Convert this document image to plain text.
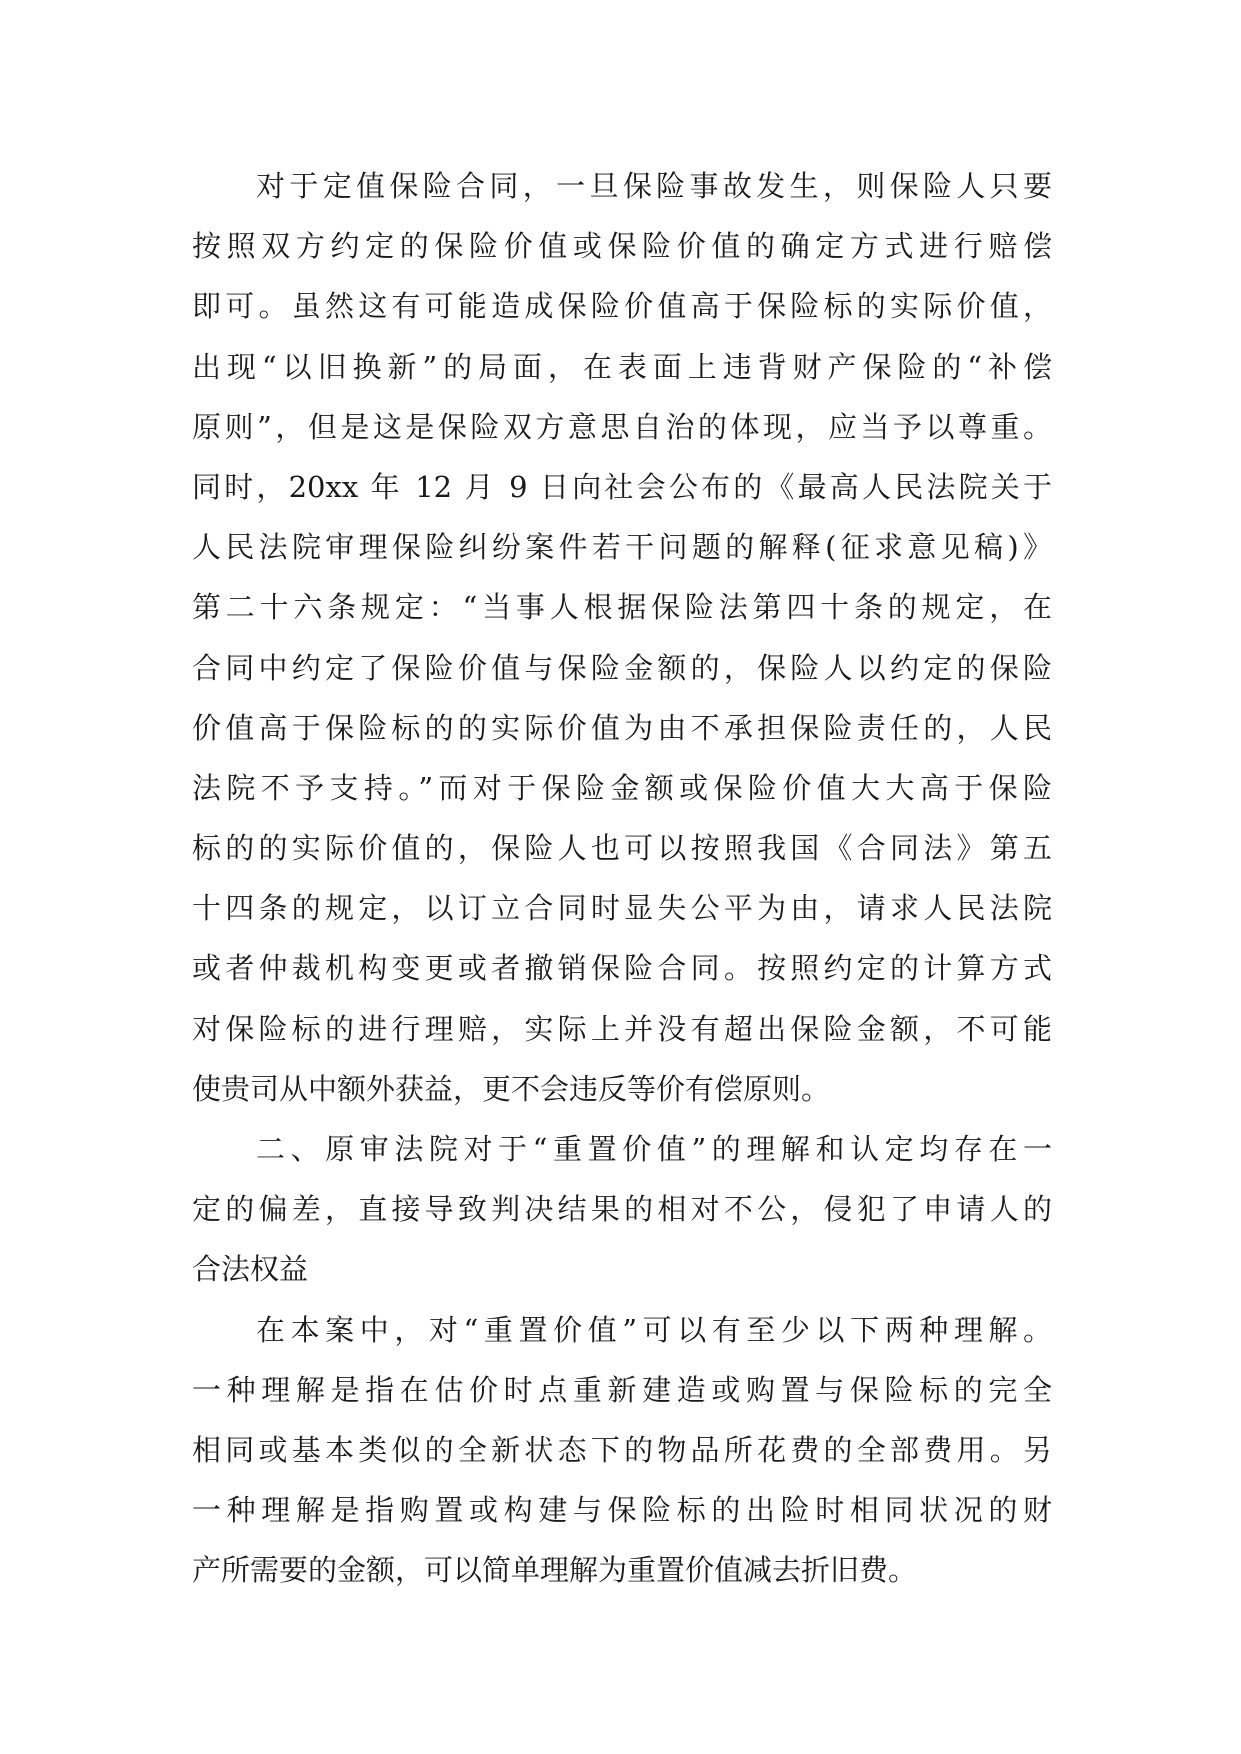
对于定值保险合同，一旦保险事故发生，则保险人只要
按照双方约定的保险价值或保险价值的确定方式进行赔偿
即可。虽然这有可能造成保险价值高于保险标的实际价值，
出现“以旧换新”的局面，在表面上违背财产保险的“补偿
原则”，但是这是保险双方意思自治的体现，应当予以尊重。
同时，20xx 年 12 月 9 日向社会公布的《最高人民法院关于
人民法院审理保险纠纷案件若干问题的解释(征求意见稿)》
第二十六条规定：“当事人根据保险法第四十条的规定，在
合同中约定了保险价值与保险金额的，保险人以约定的保险
价值高于保险标的的实际价值为由不承担保险责任的，人民
法院不予支持。”而对于保险金额或保险价值大大高于保险
标的的实际价值的，保险人也可以按照我国《合同法》第五
十四条的规定，以订立合同时显失公平为由，请求人民法院
或者仲裁机构变更或者撤销保险合同。按照约定的计算方式
对保险标的进行理赔，实际上并没有超出保险金额，不可能
使贵司从中额外获益，更不会违反等价有偿原则。
二、原审法院对于“重置价值”的理解和认定均存在一
定的偏差，直接导致判决结果的相对不公，侵犯了申请人的
合法权益
在本案中，对“重置价值”可以有至少以下两种理解。
一种理解是指在估价时点重新建造或购置与保险标的完全
相同或基本类似的全新状态下的物品所花费的全部费用。另
一种理解是指购置或构建与保险标的出险时相同状况的财
产所需要的金额，可以简单理解为重置价值减去折旧费。
